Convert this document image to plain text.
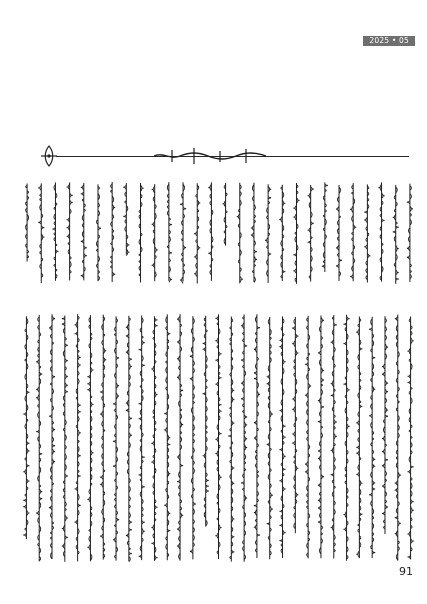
2025 • 05
91
